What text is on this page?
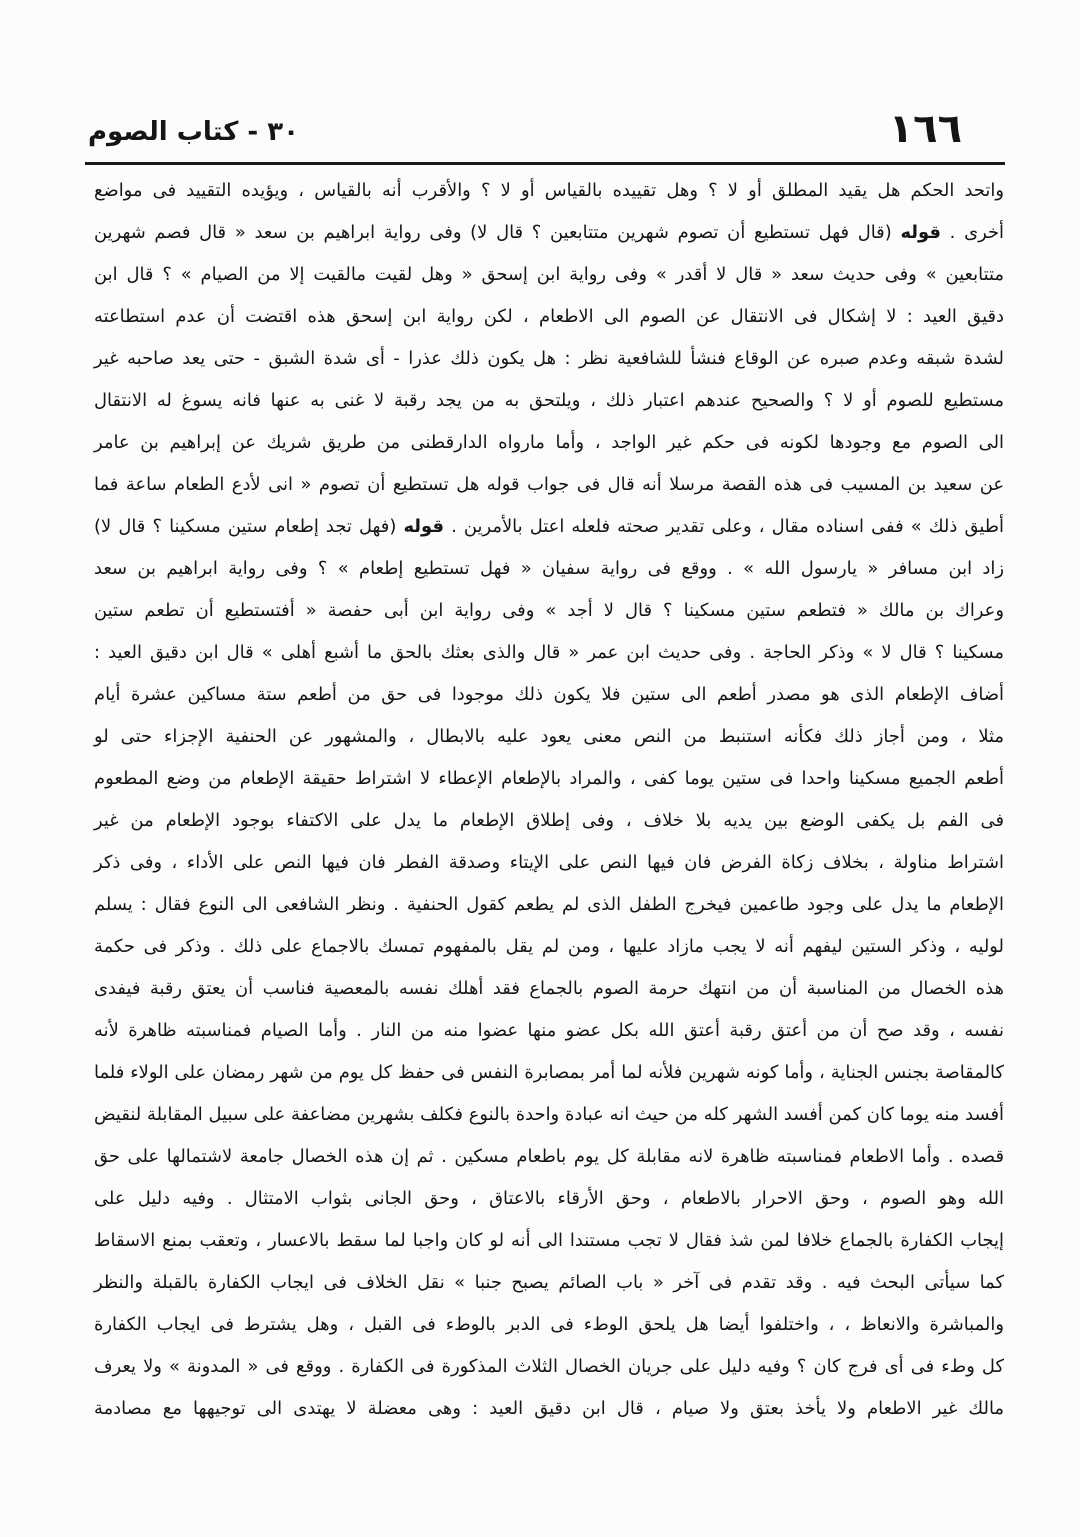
١٦٦
٣٠ - كتاب الصوم
واتحد الحكم هل يقيد المطلق أو لا ؟ وهل تقييده بالقياس أو لا ؟ والأقرب أنه بالقياس ، ويؤيده التقييد فى مواضع
أخرى . قوله (قال فهل تستطيع أن تصوم شهرين متتابعين ؟ قال لا) وفى رواية ابراهيم بن سعد « قال فصم شهرين
متتابعين » وفى حديث سعد « قال لا أقدر » وفى رواية ابن إسحق « وهل لقيت مالقيت إلا من الصيام » ؟ قال ابن
دقيق العيد : لا إشكال فى الانتقال عن الصوم الى الاطعام ، لكن رواية ابن إسحق هذه اقتضت أن عدم استطاعته
لشدة شبقه وعدم صبره عن الوقاع فنشأ للشافعية نظر : هل يكون ذلك عذرا - أى شدة الشبق - حتى يعد صاحبه غير
مستطيع للصوم أو لا ؟ والصحيح عندهم اعتبار ذلك ، ويلتحق به من يجد رقبة لا غنى به عنها فانه يسوغ له الانتقال
الى الصوم مع وجودها لكونه فى حكم غير الواجد ، وأما مارواه الدارقطنى من طريق شريك عن إبراهيم بن عامر
عن سعيد بن المسيب فى هذه القصة مرسلا أنه قال فى جواب قوله هل تستطيع أن تصوم « انى لأدع الطعام ساعة فما
أطيق ذلك » ففى اسناده مقال ، وعلى تقدير صحته فلعله اعتل بالأمرين . قوله (فهل تجد إطعام ستين مسكينا ؟ قال لا)
زاد ابن مسافر « يارسول الله » . ووقع فى رواية سفيان « فهل تستطيع إطعام » ؟ وفى رواية ابراهيم بن سعد
وعراك بن مالك « فتطعم ستين مسكينا ؟ قال لا أجد » وفى رواية ابن أبى حفصة « أفتستطيع أن تطعم ستين
مسكينا ؟ قال لا » وذكر الحاجة . وفى حديث ابن عمر « قال والذى بعثك بالحق ما أشبع أهلى » قال ابن دقيق العيد :
أضاف الإطعام الذى هو مصدر أطعم الى ستين فلا يكون ذلك موجودا فى حق من أطعم ستة مساكين عشرة أيام
مثلا ، ومن أجاز ذلك فكأنه استنبط من النص معنى يعود عليه بالابطال ، والمشهور عن الحنفية الإجزاء حتى لو
أطعم الجميع مسكينا واحدا فى ستين يوما كفى ، والمراد بالإطعام الإعطاء لا اشتراط حقيقة الإطعام من وضع المطعوم
فى الفم بل يكفى الوضع بين يديه بلا خلاف ، وفى إطلاق الإطعام ما يدل على الاكتفاء بوجود الإطعام من غير
اشتراط مناولة ، بخلاف زكاة الفرض فان فيها النص على الإيتاء وصدقة الفطر فان فيها النص على الأداء ، وفى ذكر
الإطعام ما يدل على وجود طاعمين فيخرج الطفل الذى لم يطعم كقول الحنفية . ونظر الشافعى الى النوع فقال : يسلم
لوليه ، وذكر الستين ليفهم أنه لا يجب مازاد عليها ، ومن لم يقل بالمفهوم تمسك بالاجماع على ذلك . وذكر فى حكمة
هذه الخصال من المناسبة أن من انتهك حرمة الصوم بالجماع فقد أهلك نفسه بالمعصية فناسب أن يعتق رقبة فيفدى
نفسه ، وقد صح أن من أعتق رقبة أعتق الله بكل عضو منها عضوا منه من النار . وأما الصيام فمناسبته ظاهرة لأنه
كالمقاصة بجنس الجناية ، وأما كونه شهرين فلأنه لما أمر بمصابرة النفس فى حفظ كل يوم من شهر رمضان على الولاء فلما
أفسد منه يوما كان كمن أفسد الشهر كله من حيث انه عبادة واحدة بالنوع فكلف بشهرين مضاعفة على سبيل المقابلة لنقيض
قصده . وأما الاطعام فمناسبته ظاهرة لانه مقابلة كل يوم باطعام مسكين . ثم إن هذه الخصال جامعة لاشتمالها على حق
الله وهو الصوم ، وحق الاحرار بالاطعام ، وحق الأرقاء بالاعتاق ، وحق الجانى بثواب الامتثال . وفيه دليل على
إيجاب الكفارة بالجماع خلافا لمن شذ فقال لا تجب مستندا الى أنه لو كان واجبا لما سقط بالاعسار ، وتعقب بمنع الاسقاط
كما سيأتى البحث فيه . وقد تقدم فى آخر « باب الصائم يصبح جنبا » نقل الخلاف فى ايجاب الكفارة بالقبلة والنظر
والمباشرة والانعاظ ، ، واختلفوا أيضا هل يلحق الوطء فى الدبر بالوطء فى القبل ، وهل يشترط فى ايجاب الكفارة
كل وطء فى أى فرج كان ؟ وفيه دليل على جريان الخصال الثلاث المذكورة فى الكفارة . ووقع فى « المدونة » ولا يعرف
مالك غير الاطعام ولا يأخذ بعتق ولا صيام ، قال ابن دقيق العيد : وهى معضلة لا يهتدى الى توجيهها مع مصادمة
